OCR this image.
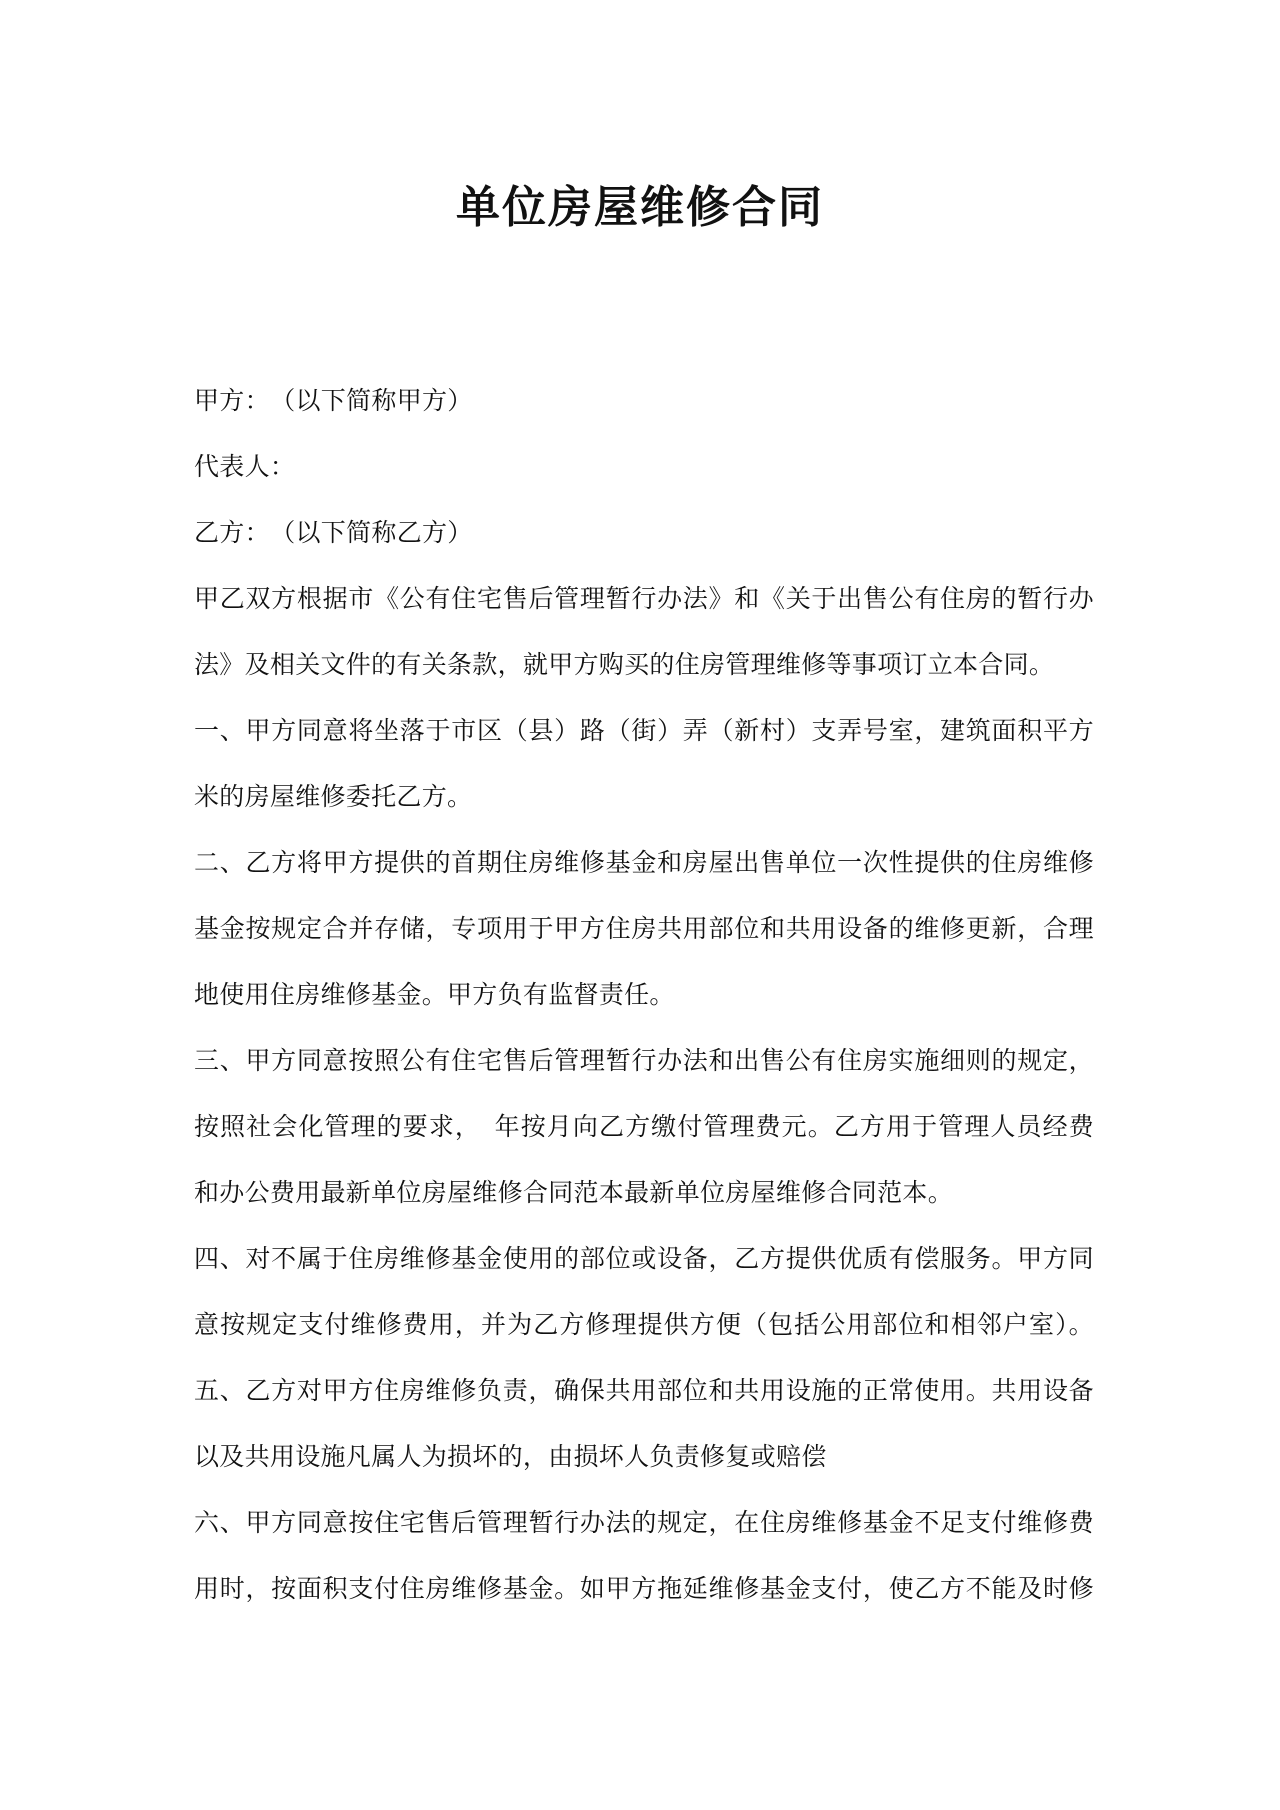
单位房屋维修合同
甲方：　（以下简称甲方）
代表人：
乙方：　（以下简称乙方）
甲乙双方根据市《公有住宅售后管理暂行办法》和《关于出售公有住房的暂行办
法》及相关文件的有关条款，就甲方购买的住房管理维修等事项订立本合同。
一、甲方同意将坐落于市区（县）路（街）弄（新村）支弄号室，建筑面积平方
米的房屋维修委托乙方。
二、乙方将甲方提供的首期住房维修基金和房屋出售单位一次性提供的住房维修
基金按规定合并存储，专项用于甲方住房共用部位和共用设备的维修更新，合理
地使用住房维修基金。甲方负有监督责任。
三、甲方同意按照公有住宅售后管理暂行办法和出售公有住房实施细则的规定，
按照社会化管理的要求，　年按月向乙方缴付管理费元。乙方用于管理人员经费
和办公费用最新单位房屋维修合同范本最新单位房屋维修合同范本。
四、对不属于住房维修基金使用的部位或设备，乙方提供优质有偿服务。甲方同
意按规定支付维修费用，并为乙方修理提供方便（包括公用部位和相邻户室）。
五、乙方对甲方住房维修负责，确保共用部位和共用设施的正常使用。共用设备
以及共用设施凡属人为损坏的，由损坏人负责修复或赔偿
六、甲方同意按住宅售后管理暂行办法的规定，在住房维修基金不足支付维修费
用时，按面积支付住房维修基金。如甲方拖延维修基金支付，使乙方不能及时修
